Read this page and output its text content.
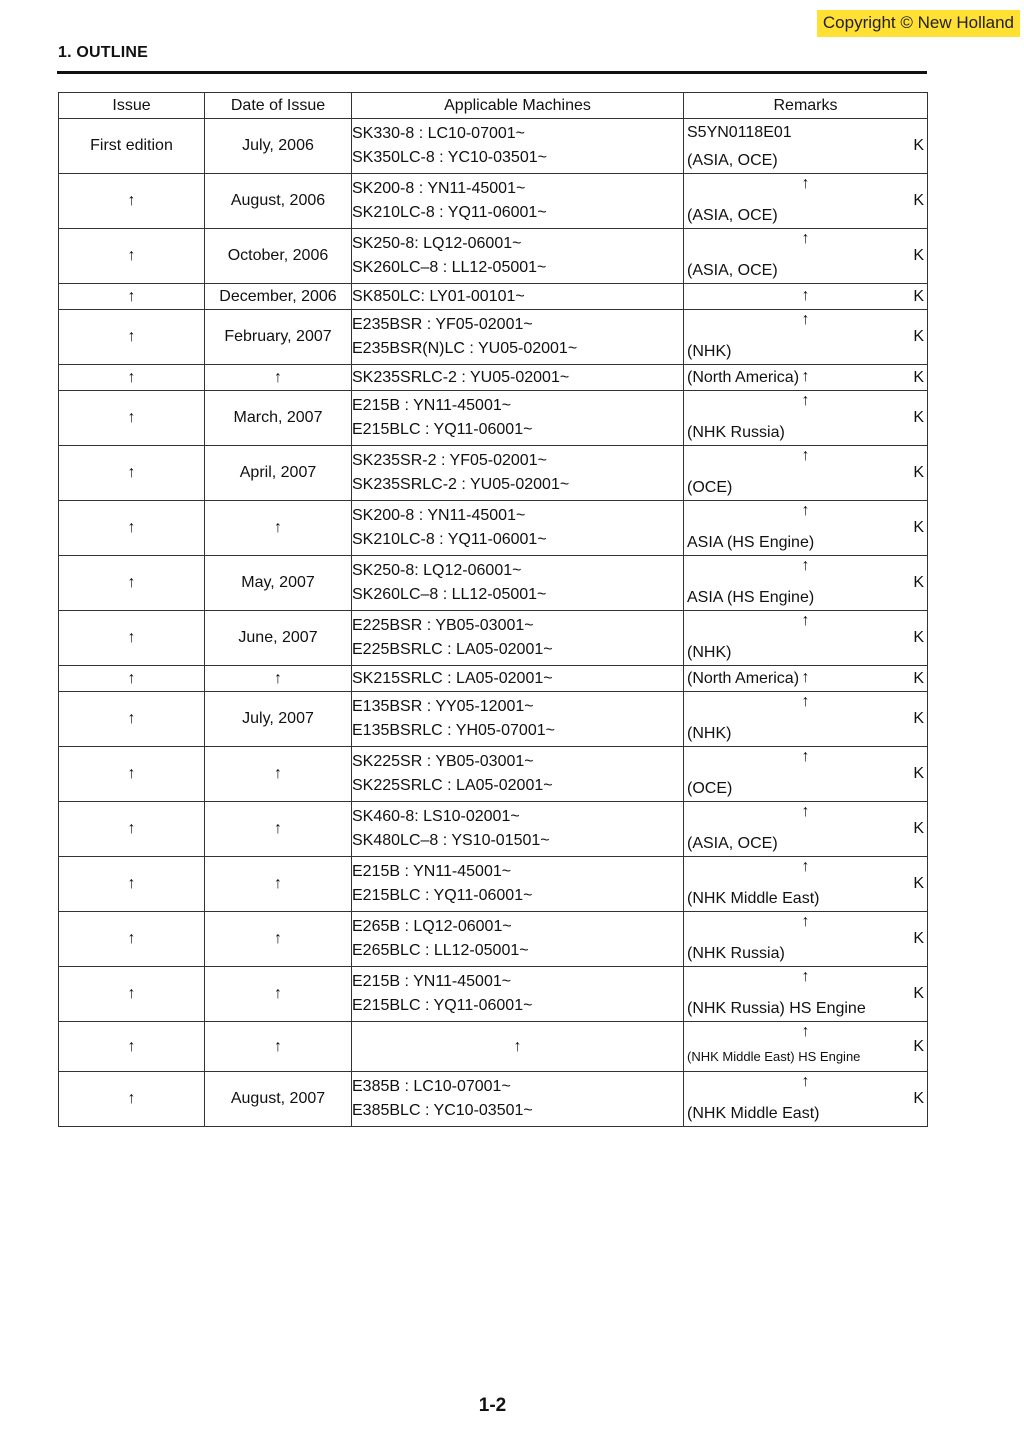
Copyright © New Holland
1. OUTLINE
Issue	Date of Issue	Applicable Machines	Remarks
First edition	July, 2006	SK330-8 : LC10-07001~
SK350LC-8 : YC10-03501~	S5YN0118E01
(ASIA, OCE)
K

↑	August, 2006	SK200-8 : YN11-45001~
SK210LC-8 : YQ11-06001~	↑
(ASIA, OCE)
K

↑	October, 2006	SK250-8: LQ12-06001~
SK260LC–8 : LL12-05001~	↑
(ASIA, OCE)
K

↑	December, 2006	SK850LC: LY01-00101~	↑ K

↑	February, 2007	E235BSR : YF05-02001~
E235BSR(N)LC : YU05-02001~	↑
(NHK)
K

↑	↑	SK235SRLC-2 : YU05-02001~	↑
(North America) K

↑	March, 2007	E215B : YN11-45001~
E215BLC : YQ11-06001~	↑
(NHK Russia)
K

↑	April, 2007	SK235SR-2 : YF05-02001~
SK235SRLC-2 : YU05-02001~	↑
(OCE)
K

↑	↑	SK200-8 : YN11-45001~
SK210LC-8 : YQ11-06001~	↑
ASIA (HS Engine)
K

↑	May, 2007	SK250-8: LQ12-06001~
SK260LC–8 : LL12-05001~	↑
ASIA (HS Engine)
K

↑	June, 2007	E225BSR : YB05-03001~
E225BSRLC : LA05-02001~	↑
(NHK)
K

↑	↑	SK215SRLC : LA05-02001~	↑
(North America) K

↑	July, 2007	E135BSR : YY05-12001~
E135BSRLC : YH05-07001~	↑
(NHK)
K

↑	↑	SK225SR : YB05-03001~
SK225SRLC : LA05-02001~	↑
(OCE)
K

↑	↑	SK460-8: LS10-02001~
SK480LC–8 : YS10-01501~	↑
(ASIA, OCE)
K

↑	↑	E215B : YN11-45001~
E215BLC : YQ11-06001~	↑
(NHK Middle East)
K

↑	↑	E265B : LQ12-06001~
E265BLC : LL12-05001~	↑
(NHK Russia)
K

↑	↑	E215B : YN11-45001~
E215BLC : YQ11-06001~	↑
(NHK Russia) HS Engine
K

↑	↑	↑	↑
(NHK Middle East) HS Engine
K

↑	August, 2007	E385B : LC10-07001~
E385BLC : YC10-03501~	↑
(NHK Middle East)
K
1-2
